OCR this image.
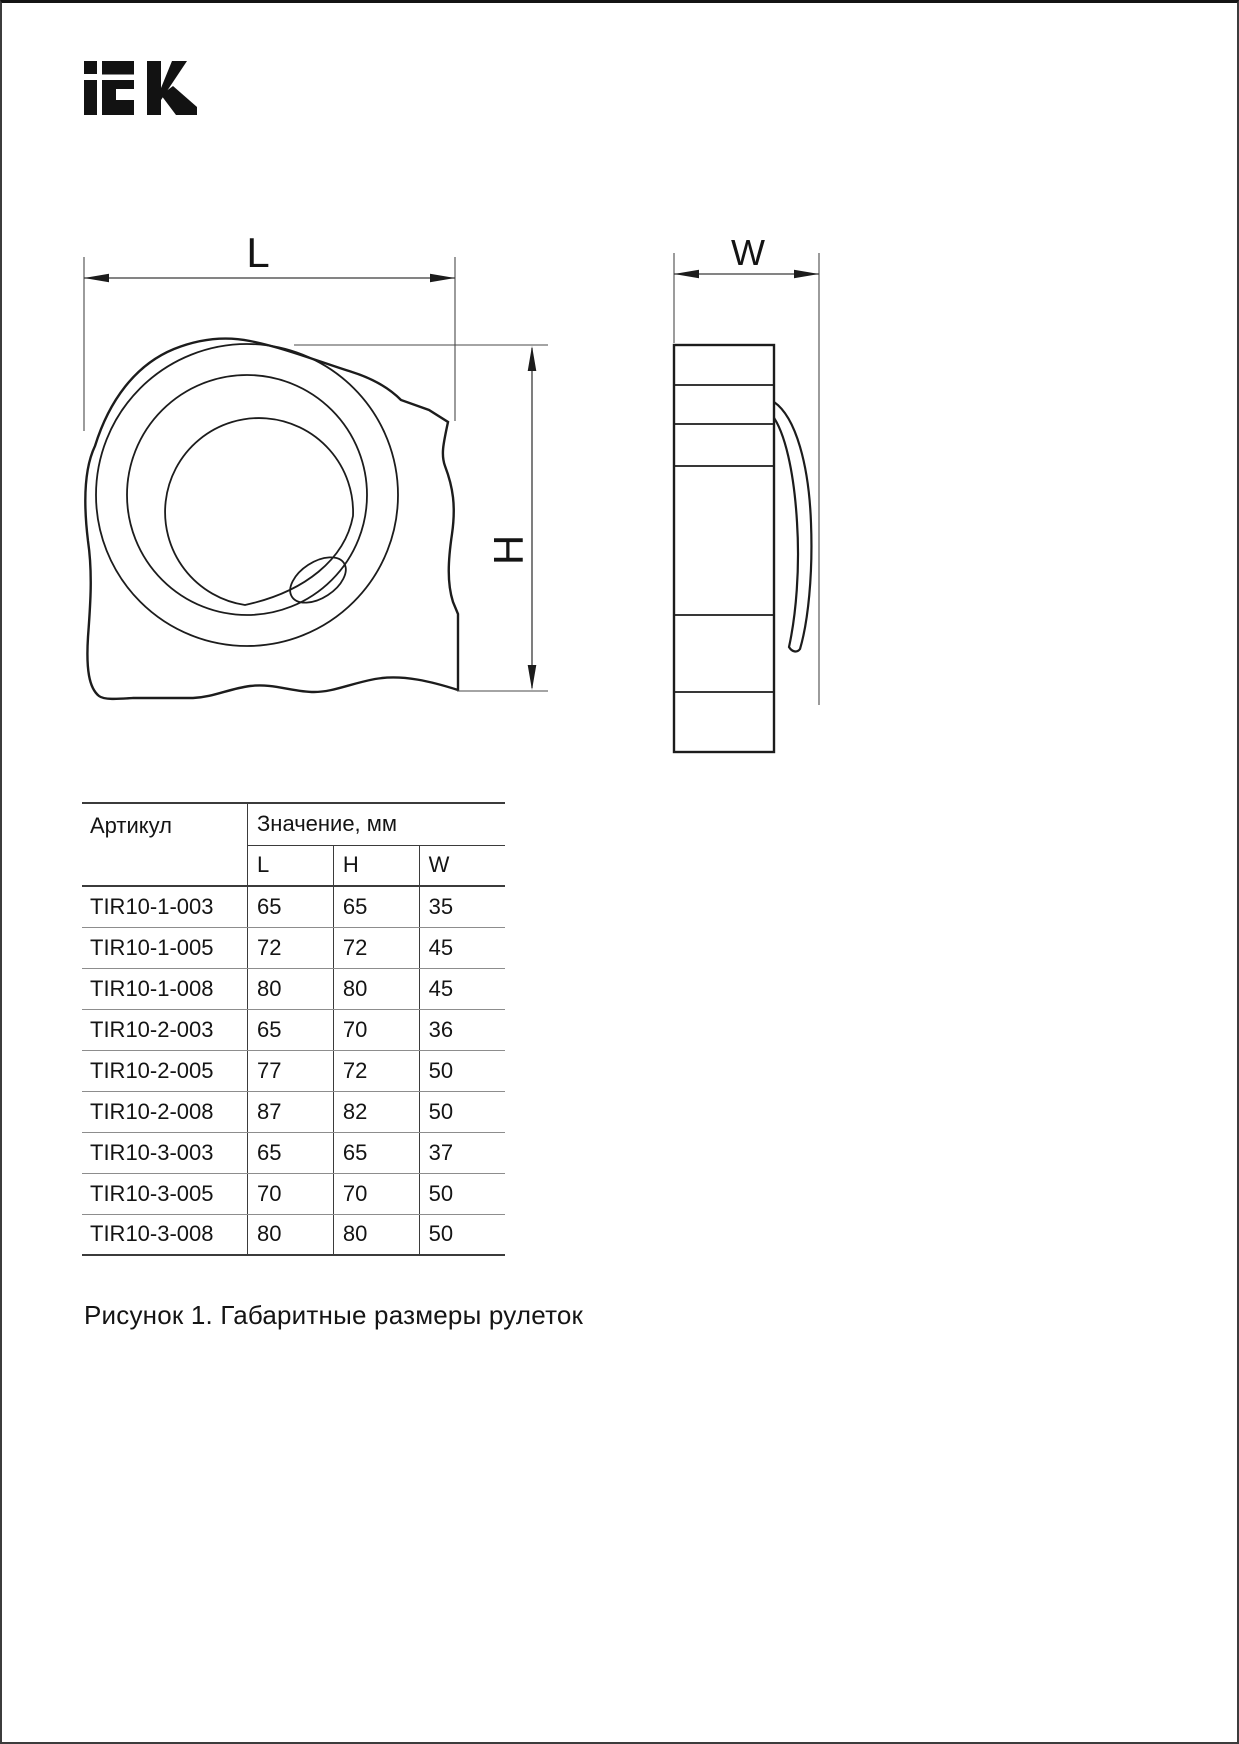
L
H
W
Артикул	Значение, мм		
	L	H	W
TIR10-1-003	65	65	35
TIR10-1-005	72	72	45
TIR10-1-008	80	80	45
TIR10-2-003	65	70	36
TIR10-2-005	77	72	50
TIR10-2-008	87	82	50
TIR10-3-003	65	65	37
TIR10-3-005	70	70	50
TIR10-3-008	80	80	50
Рисунок 1. Габаритные размеры рулеток
